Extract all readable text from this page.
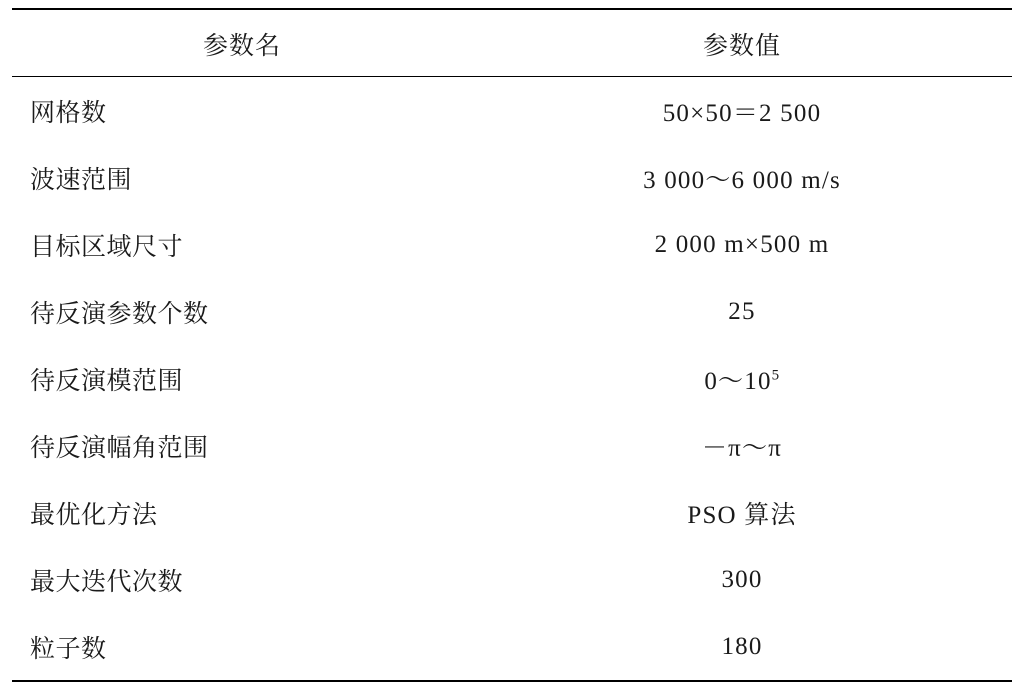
参数名	参数值
网格数	50×50＝2 500
波速范围	3 000～6 000 m/s
目标区域尺寸	2 000 m×500 m
待反演参数个数	25
待反演模范围	$0\sim 10^5$
待反演幅角范围	－π～π
最优化方法	PSO 算法
最大迭代次数	300
粒子数	180
